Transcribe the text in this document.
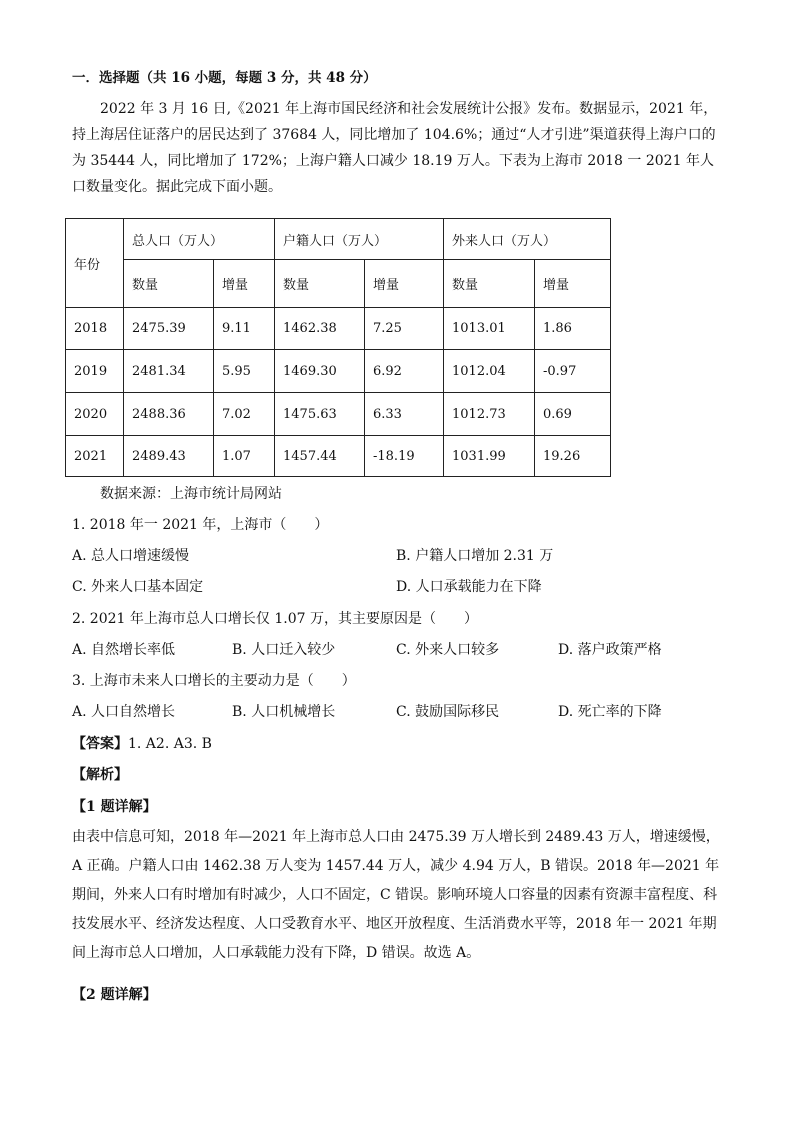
一．选择题（共 16 小题，每题 3 分，共 48 分）
2022 年 3 月 16 日,《2021 年上海市国民经济和社会发展统计公报》发布。数据显示，2021 年，持上海居住证落户的居民达到了 37684 人，同比增加了 104.6%；通过“人才引进”渠道获得上海户口的为 35444 人，同比增加了 172%；上海户籍人口减少 18.19 万人。下表为上海市 2018 一 2021 年人口数量变化。据此完成下面小题。
年份	总人口（万人）		户籍人口（万人）		外来人口（万人）	
	数量	增量	数量	增量	数量	增量
2018	2475.39	9.11	1462.38	7.25	1013.01	1.86
2019	2481.34	5.95	1469.30	6.92	1012.04	-0.97
2020	2488.36	7.02	1475.63	6.33	1012.73	0.69
2021	2489.43	1.07	1457.44	-18.19	1031.99	19.26
数据来源：上海市统计局网站
1. 2018 年一 2021 年，上海市（　　）
A. 总人口增速缓慢	B. 户籍人口增加 2.31 万
C. 外来人口基本固定	D. 人口承载能力在下降
2. 2021 年上海市总人口增长仅 1.07 万，其主要原因是（　　）
A. 自然增长率低	B. 人口迁入较少	C. 外来人口较多	D. 落户政策严格
3. 上海市未来人口增长的主要动力是（　　）
A. 人口自然增长	B. 人口机械增长	C. 鼓励国际移民	D. 死亡率的下降
【答案】1. A2. A3. B
【解析】
【1 题详解】
由表中信息可知，2018 年—2021 年上海市总人口由 2475.39 万人增长到 2489.43 万人，增速缓慢，A 正确。户籍人口由 1462.38 万人变为 1457.44 万人，减少 4.94 万人，B 错误。2018 年—2021 年期间，外来人口有时增加有时减少，人口不固定，C 错误。影响环境人口容量的因素有资源丰富程度、科技发展水平、经济发达程度、人口受教育水平、地区开放程度、生活消费水平等，2018 年一 2021 年期间上海市总人口增加，人口承载能力没有下降，D 错误。故选 A。
【2 题详解】
